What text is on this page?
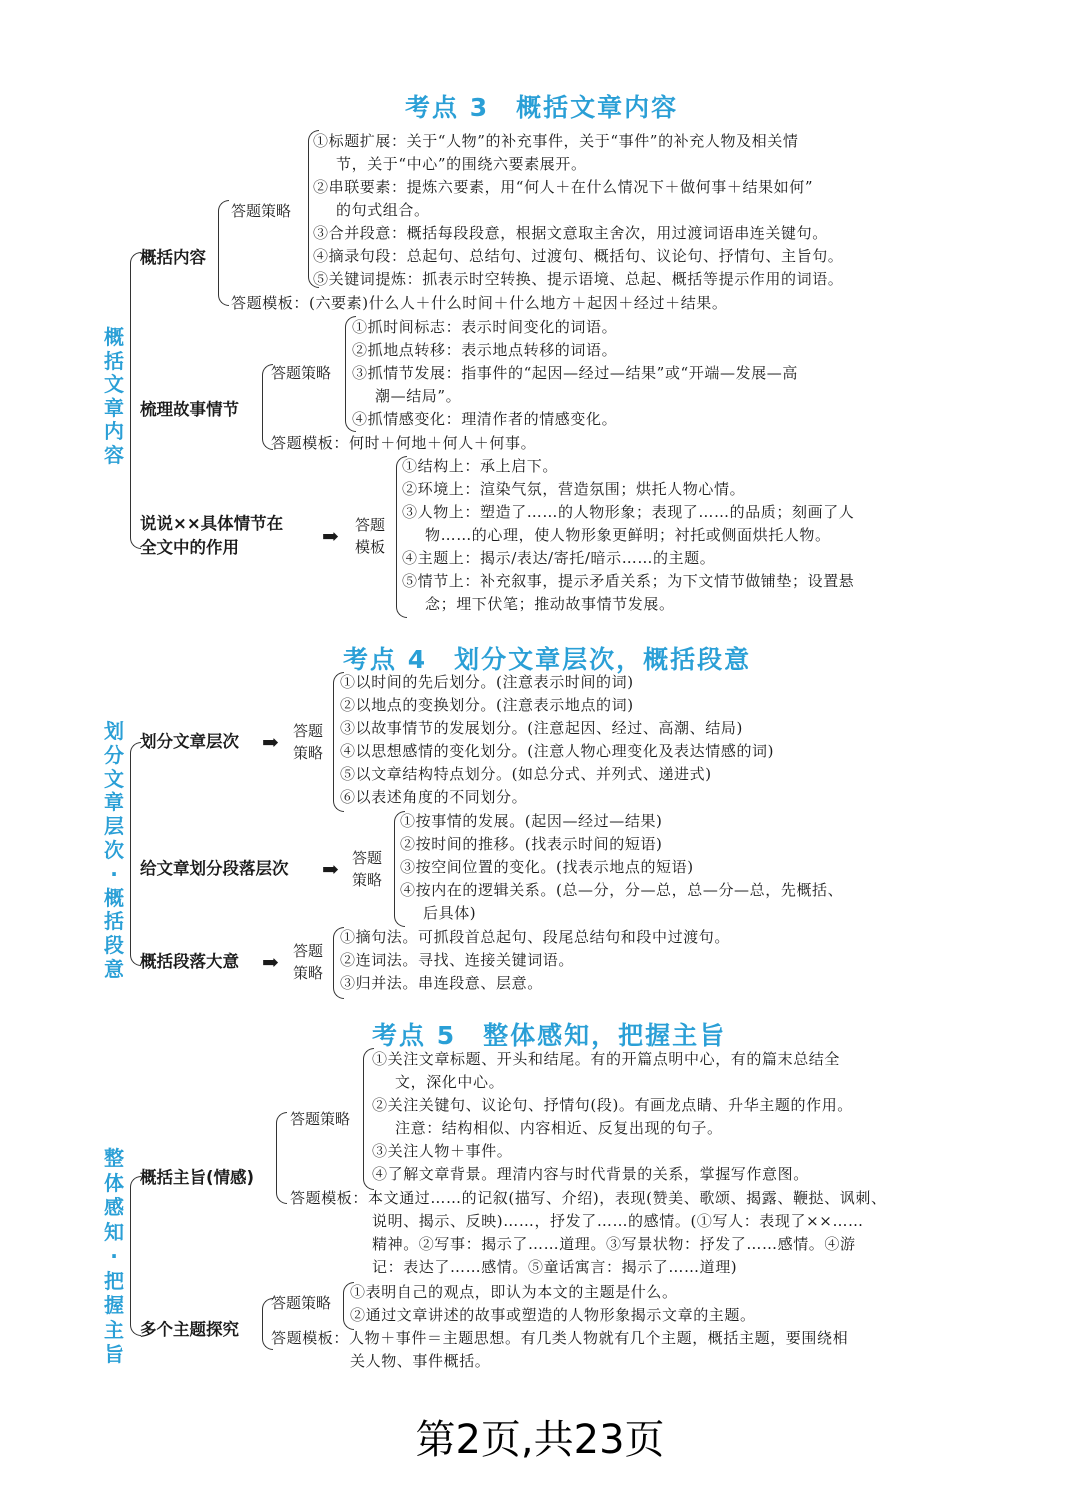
考点 3　概括文章内容
概括文章内容
概括内容
答题策略
①标题扩展：关于“人物”的补充事件，关于“事件”的补充人物及相关情
节，关于“中心”的围绕六要素展开。
②串联要素：提炼六要素，用“何人＋在什么情况下＋做何事＋结果如何”
的句式组合。
③合并段意：概括每段段意，根据文意取主舍次，用过渡词语串连关键句。
④摘录句段：总起句、总结句、过渡句、概括句、议论句、抒情句、主旨句。
⑤关键词提炼：抓表示时空转换、提示语境、总起、概括等提示作用的词语。
答题模板：(六要素)什么人＋什么时间＋什么地方＋起因＋经过＋结果。
梳理故事情节
答题策略
①抓时间标志：表示时间变化的词语。
②抓地点转移：表示地点转移的词语。
③抓情节发展：指事件的“起因—经过—结果”或“开端—发展—高
潮—结局”。
④抓情感变化：理清作者的情感变化。
答题模板：何时＋何地＋何人＋何事。
说说××具体情节在
全文中的作用	➡ 答题
模板
①结构上：承上启下。
②环境上：渲染气氛，营造氛围；烘托人物心情。
③人物上：塑造了……的人物形象；表现了……的品质；刻画了人
物……的心理，使人物形象更鲜明；衬托或侧面烘托人物。
④主题上：揭示/表达/寄托/暗示……的主题。
⑤情节上：补充叙事，提示矛盾关系；为下文情节做铺垫；设置悬
念；埋下伏笔；推动故事情节发展。
考点 4　划分文章层次，概括段意
划分文章层次·概括段意
划分文章层次 ➡ 答题
策略
①以时间的先后划分。(注意表示时间的词)
②以地点的变换划分。(注意表示地点的词)
③以故事情节的发展划分。(注意起因、经过、高潮、结局)
④以思想感情的变化划分。(注意人物心理变化及表达情感的词)
⑤以文章结构特点划分。(如总分式、并列式、递进式)
⑥以表述角度的不同划分。
给文章划分段落层次 ➡ 答题
策略
①按事情的发展。(起因—经过—结果)
②按时间的推移。(找表示时间的短语)
③按空间位置的变化。(找表示地点的短语)
④按内在的逻辑关系。(总—分，分—总，总—分—总，先概括、
后具体)
概括段落大意 ➡ 答题
策略
①摘句法。可抓段首总起句、段尾总结句和段中过渡句。
②连词法。寻找、连接关键词语。
③归并法。串连段意、层意。
考点 5　整体感知，把握主旨
整体感知·把握主旨
概括主旨(情感)
答题策略
①关注文章标题、开头和结尾。有的开篇点明中心，有的篇末总结全
文，深化中心。
②关注关键句、议论句、抒情句(段)。有画龙点睛、升华主题的作用。
注意：结构相似、内容相近、反复出现的句子。
③关注人物＋事件。
④了解文章背景。理清内容与时代背景的关系，掌握写作意图。
答题模板：本文通过……的记叙(描写、介绍)，表现(赞美、歌颂、揭露、鞭挞、讽刺、
说明、揭示、反映)……，抒发了……的感情。(①写人：表现了××……
精神。②写事：揭示了……道理。③写景状物：抒发了……感情。④游
记：表达了……感情。⑤童话寓言：揭示了……道理)
多个主题探究
答题策略
①表明自己的观点，即认为本文的主题是什么。
②通过文章讲述的故事或塑造的人物形象揭示文章的主题。
答题模板：人物＋事件＝主题思想。有几类人物就有几个主题，概括主题，要围绕相
关人物、事件概括。
第2页,共23页
